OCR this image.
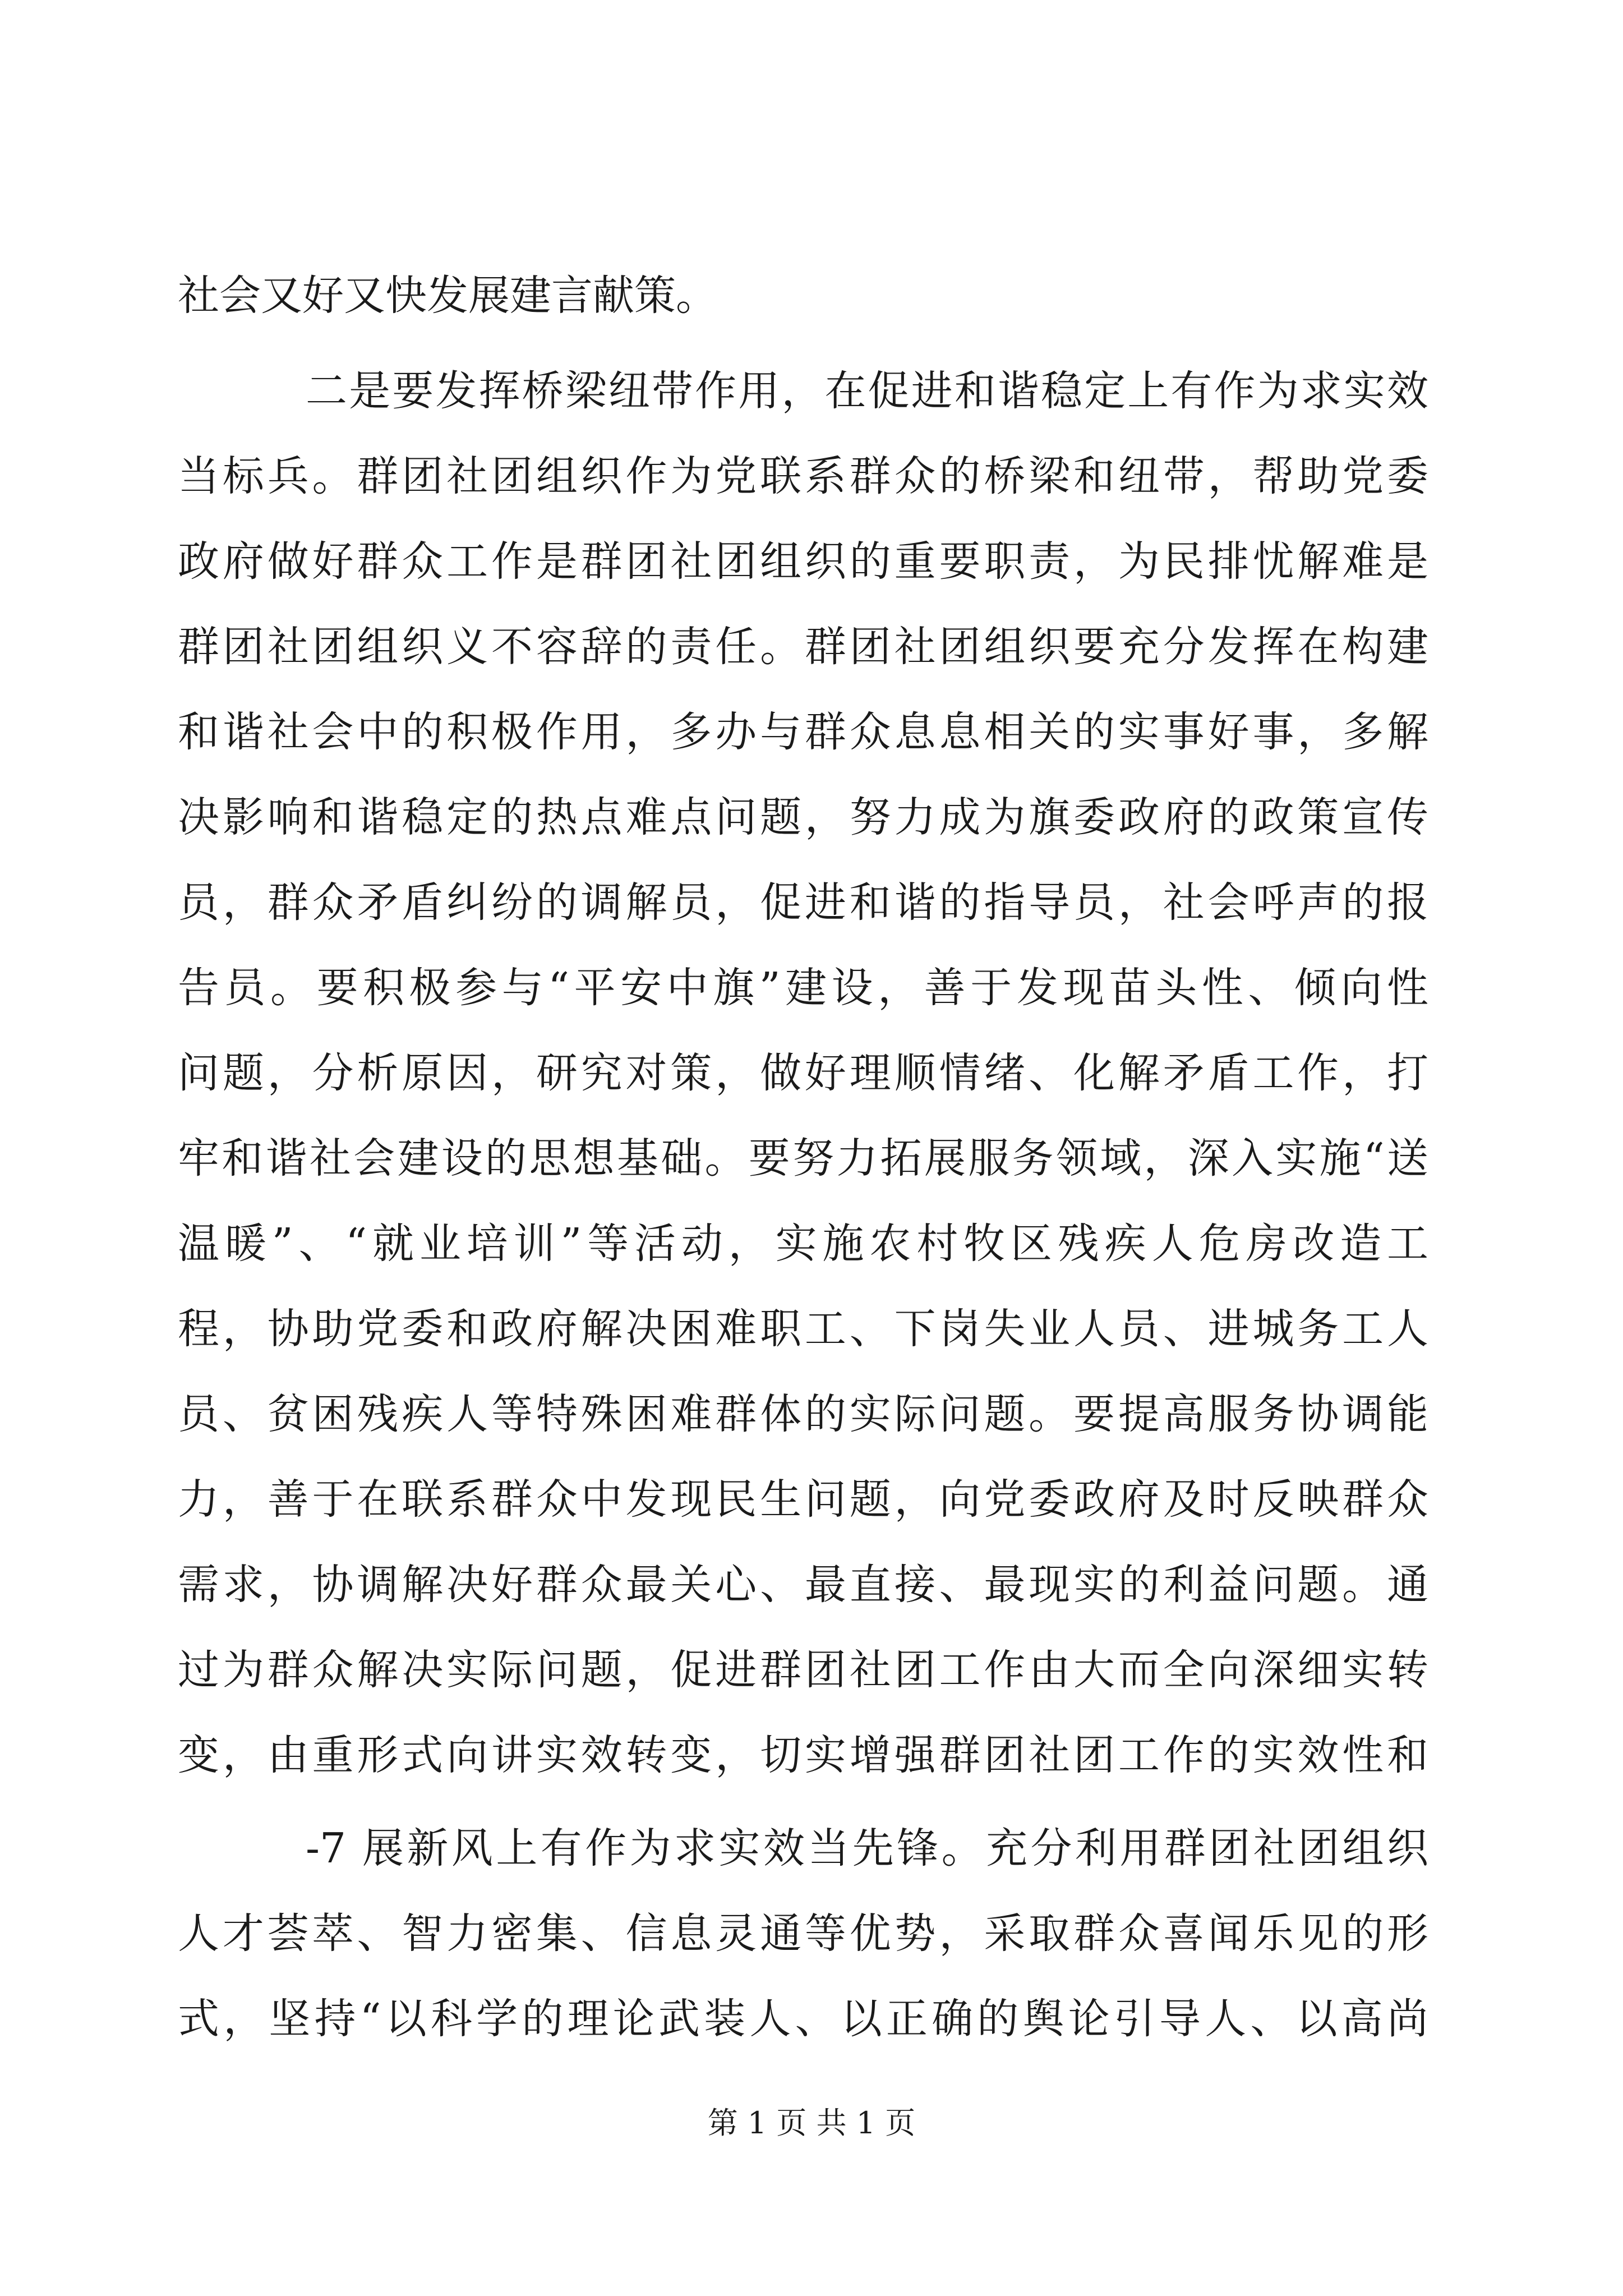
社会又好又快发展建言献策。
二是要发挥桥梁纽带作用，在促进和谐稳定上有作为求实效
当标兵。群团社团组织作为党联系群众的桥梁和纽带，帮助党委
政府做好群众工作是群团社团组织的重要职责，为民排忧解难是
群团社团组织义不容辞的责任。群团社团组织要充分发挥在构建
和谐社会中的积极作用，多办与群众息息相关的实事好事，多解
决影响和谐稳定的热点难点问题，努力成为旗委政府的政策宣传
员，群众矛盾纠纷的调解员，促进和谐的指导员，社会呼声的报
告员。要积极参与“平安中旗”建设，善于发现苗头性、倾向性
问题，分析原因，研究对策，做好理顺情绪、化解矛盾工作，打
牢和谐社会建设的思想基础。要努力拓展服务领域，深入实施“送
温暖”、“就业培训”等活动，实施农村牧区残疾人危房改造工
程，协助党委和政府解决困难职工、下岗失业人员、进城务工人
员、贫困残疾人等特殊困难群体的实际问题。要提高服务协调能
力，善于在联系群众中发现民生问题，向党委政府及时反映群众
需求，协调解决好群众最关心、最直接、最现实的利益问题。通
过为群众解决实际问题，促进群团社团工作由大而全向深细实转
变，由重形式向讲实效转变，切实增强群团社团工作的实效性和
-7 展新风上有作为求实效当先锋。充分利用群团社团组织
人才荟萃、智力密集、信息灵通等优势，采取群众喜闻乐见的形
式，坚持“以科学的理论武装人、以正确的舆论引导人、以高尚
第 1 页 共 1 页
